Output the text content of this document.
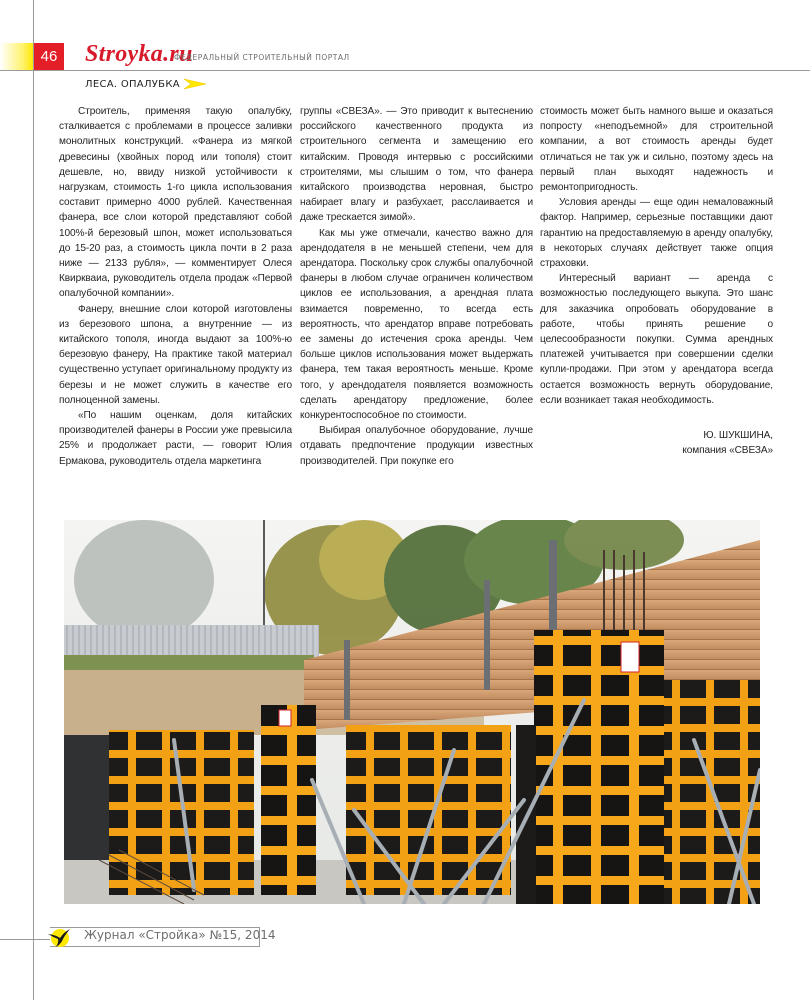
46 Stroyka.ru
ФЕДЕРАЛЬНЫЙ СТРОИТЕЛЬНЫЙ ПОРТАЛ
ЛЕСА. ОПАЛУБКА

Строитель, применяя такую опалубку, сталкивается с проблемами в процессе заливки монолитных конструкций. «Фанера из мягкой древесины (хвойных пород или тополя) стоит дешевле, но, ввиду низкой устойчивости к нагрузкам, стоимость 1-го цикла использования составит примерно 4000 рублей. Качественная фанера, все слои которой представляют собой 100%-й березовый шпон, может использоваться до 15-20 раз, а стоимость цикла почти в 2 раза ниже — 2133 рубля», — комментирует Олеся Квиркваиа, руководитель отдела продаж «Первой опалубочной компании».

Фанеру, внешние слои которой изготовлены из березового шпона, а внутренние — из китайского тополя, иногда выдают за 100%-ю березовую фанеру, На практике такой материал существенно уступает оригинальному продукту из березы и не может служить в качестве его полноценной замены.

«По нашим оценкам, доля китайских производителей фанеры в России уже превысила 25% и продолжает расти, — говорит Юлия Ермакова, руководитель отдела маркетинга

группы «СВЕЗА». — Это приводит к вытеснению российского качественного продукта из строительного сегмента и замещению его китайским. Проводя интервью с российскими строителями, мы слышим о том, что фанера китайского производства неровная, быстро набирает влагу и разбухает, расслаивается и даже трескается зимой».

Как мы уже отмечали, качество важно для арендодателя в не меньшей степени, чем для арендатора. Поскольку срок службы опалубочной фанеры в любом случае ограничен количеством циклов ее использования, а арендная плата взимается повременно, то всегда есть вероятность, что арендатор вправе потребовать ее замены до истечения срока аренды. Чем больше циклов использования может выдержать фанера, тем такая вероятность меньше. Кроме того, у арендодателя появляется возможность сделать арендатору предложение, более конкурентоспособное по стоимости.

Выбирая опалубочное оборудование, лучше отдавать предпочтение продукции известных производителей. При покупке его

стоимость может быть намного выше и оказаться попросту «неподъемной» для строительной компании, а вот стоимость аренды будет отличаться не так уж и сильно, поэтому здесь на первый план выходят надежность и ремонтопригодность.

Условия аренды — еще один немаловажный фактор. Например, серьезные поставщики дают гарантию на предоставляемую в аренду опалубку, в некоторых случаях действует также опция страховки.

Интересный вариант — аренда с возможностью последующего выкупа. Это шанс для заказчика опробовать оборудование в работе, чтобы принять решение о целесообразности покупки. Сумма арендных платежей учитывается при совершении сделки купли-продажи. При этом у арендатора всегда остается возможность вернуть оборудование, если возникает такая необходимость.

Ю. ШУКШИНА,
компания «СВЕЗА»
Журнал «Стройка» №15, 2014
